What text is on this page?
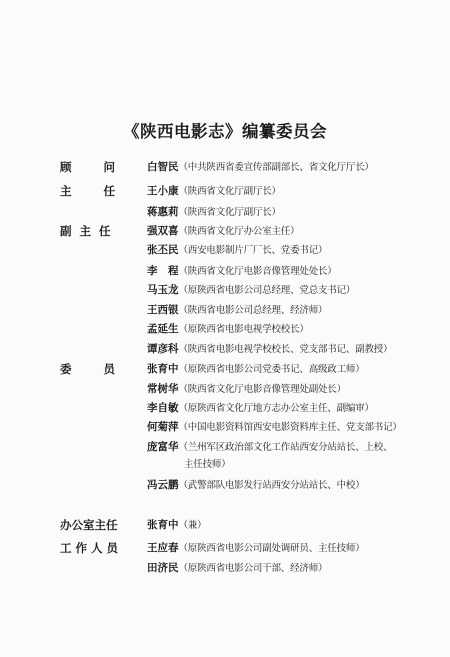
《陕西电影志》编纂委员会
顾        问
主        任
副  主  任
委        员
办公室主任
工 作 人 员
白智民（中共陕西省委宣传部副部长、省文化厅厅长）
王小康（陕西省文化厅副厅长）
蒋惠莉（陕西省文化厅副厅长）
强双喜（陕西省文化厅办公室主任）
张丕民（西安电影制片厂厂长、党委书记）
李　程（陕西省文化厅电影音像管理处处长）
马玉龙（原陕西省电影公司总经理、党总支书记）
王西银（陕西省电影公司总经理、经济师）
孟延生（原陕西省电影电视学校校长）
谭彦科（陕西省电影电视学校校长、党支部书记、副教授）
张育中（原陕西省电影公司党委书记、高级政工师）
常树华（陕西省文化厅电影音像管理处副处长）
李自敏（原陕西省文化厅地方志办公室主任、副编审）
何菊萍（中国电影资料馆西安电影资料库主任、党支部书记）
庞富华（兰州军区政治部文化工作站西安分站站长、上校、
主任技师）
冯云鹏（武警部队电影发行站西安分站站长、中校）
张育中（兼）
王应春（原陕西省电影公司副处调研员、主任技师）
田济民（原陕西省电影公司干部、经济师）
